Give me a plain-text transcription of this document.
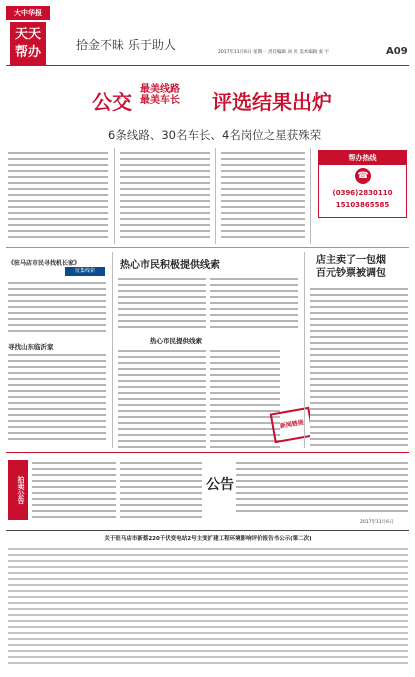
大中华报
天天
帮办	拾金不昧 乐于助人
2017年11月6日 星期一 责任编辑 刘 贝 美术编辑 张 宇	A09
公交
最美线路
最美车长 评选结果出炉
6条线路、30名车长、4名岗位之星获殊荣
帮办热线
☎
(0396)2830110
15103865585
《驻马店市民寻找机长家》
征集线索
寻找山东临沂家
热心市民积极提供线索
热心市民提供线索
新闻链接
店主卖了一包烟
百元钞票被调包
拍卖公告	公告
2017年11月6日
关于驻马店市新蔡220千伏变电站2号主变扩建工程环境影响评价报告书公示(第二次)
